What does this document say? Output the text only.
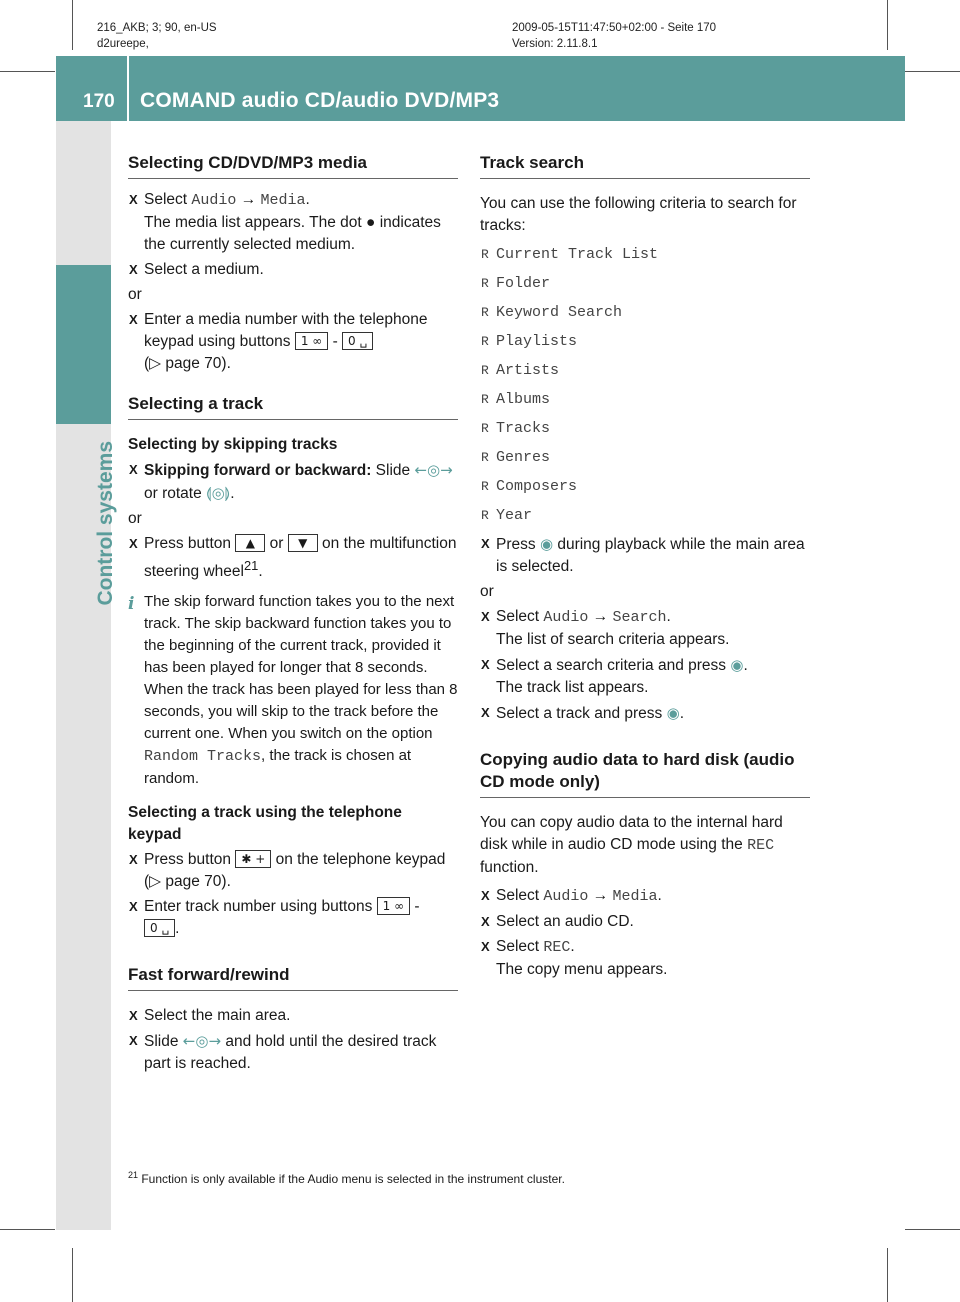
216_AKB; 3; 90, en-US
d2ureepe,
2009-05-15T11:47:50+02:00 - Seite 170
Version: 2.11.8.1
170 COMAND audio CD/audio DVD/MP3
Control systems
Selecting CD/DVD/MP3 media
X Select Audio → Media.
The media list appears. The dot ● indicates the currently selected medium.
X Select a medium.

or

X Enter a media number with the telephone keypad using buttons 1 ∞ - 0 ␣
(▷ page 70).
Selecting a track
Selecting by skipping tracks
X Skipping forward or backward: Slide ←◎→ or rotate ⟬◎⟭.

or

X Press button ▲ or ▼ on the multifunction steering wheel$^{21}$.
i The skip forward function takes you to the next track. The skip backward function takes you to the beginning of the current track, provided it has been played for longer that 8 seconds. When the track has been played for less than 8 seconds, you will skip to the track before the current one. When you switch on the option Random Tracks, the track is chosen at random.
Selecting a track using the telephone keypad
X Press button ✱ + on the telephone keypad (▷ page 70).
X Enter track number using buttons 1 ∞ -
0 ␣ .
Fast forward/rewind
X Select the main area.
X Slide ←◎→ and hold until the desired track part is reached.
Track search

You can use the following criteria to search for tracks:

R Current Track List
R Folder
R Keyword Search
R Playlists
R Artists
R Albums
R Tracks
R Genres
R Composers
R Year
X Press ◉ during playback while the main area is selected.

or

X Select Audio → Search.
The list of search criteria appears.
X Select a search criteria and press ◉.
The track list appears.
X Select a track and press ◉.
Copying audio data to hard disk (audio CD mode only)

You can copy audio data to the internal hard disk while in audio CD mode using the REC function.

X Select Audio → Media.
X Select an audio CD.
X Select REC.
The copy menu appears.
$^{21}$ Function is only available if the Audio menu is selected in the instrument cluster.
